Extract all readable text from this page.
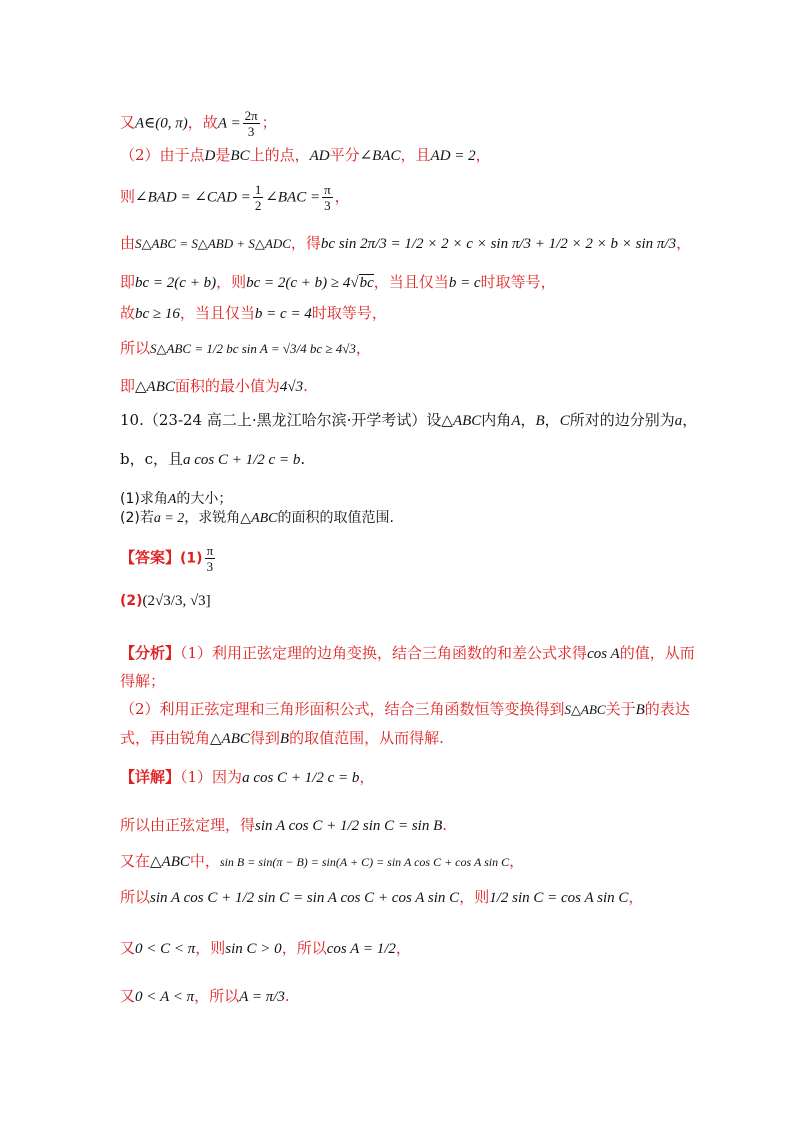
又A∈(0, π)，故$A = \frac{2\pi}{3}$ ；
（2）由于点D是BC上的点，AD平分∠BAC，且AD = 2，
则∠BAD = ∠CAD = $\frac{1}{2}$ ∠BAC = $\frac{\pi}{3}$ ，
由S△ABC = S△ABD + S△ADC，得bc sin 2π/3 = 1/2 × 2 × c × sin π/3 + 1/2 × 2 × b × sin π/3，
即bc = 2(c + b)，则bc = 2(c + b) ≥ 4√bc，当且仅当b = c时取等号，
故bc ≥ 16，当且仅当b = c = 4时取等号，
所以S△ABC = 1/2 bc sin A = √3/4 bc ≥ 4√3，
即△ABC面积的最小值为4√3.
10.（23-24 高二上·黑龙江哈尔滨·开学考试）设△ABC内角A，B，C所对的边分别为a，
b，c，且a cos C + 1/2 c = b.
(1)求角A的大小；
(2)若a = 2，求锐角△ABC的面积的取值范围.
【答案】$(1) \frac{\pi}{3}$
(2)(2√3/3, √3]
【分析】（1）利用正弦定理的边角变换，结合三角函数的和差公式求得cos A的值，从而
得解；
（2）利用正弦定理和三角形面积公式，结合三角函数恒等变换得到S△ABC关于B的表达
式，再由锐角△ABC得到B的取值范围，从而得解.
【详解】（1）因为a cos C + 1/2 c = b，
所以由正弦定理，得sin A cos C + 1/2 sin C = sin B.
又在△ABC中，sin B = sin(π − B) = sin(A + C) = sin A cos C + cos A sin C，
所以sin A cos C + 1/2 sin C = sin A cos C + cos A sin C，则1/2 sin C = cos A sin C，
又0 < C < π，则sin C > 0，所以cos A = 1/2，
又0 < A < π，所以A = π/3.
